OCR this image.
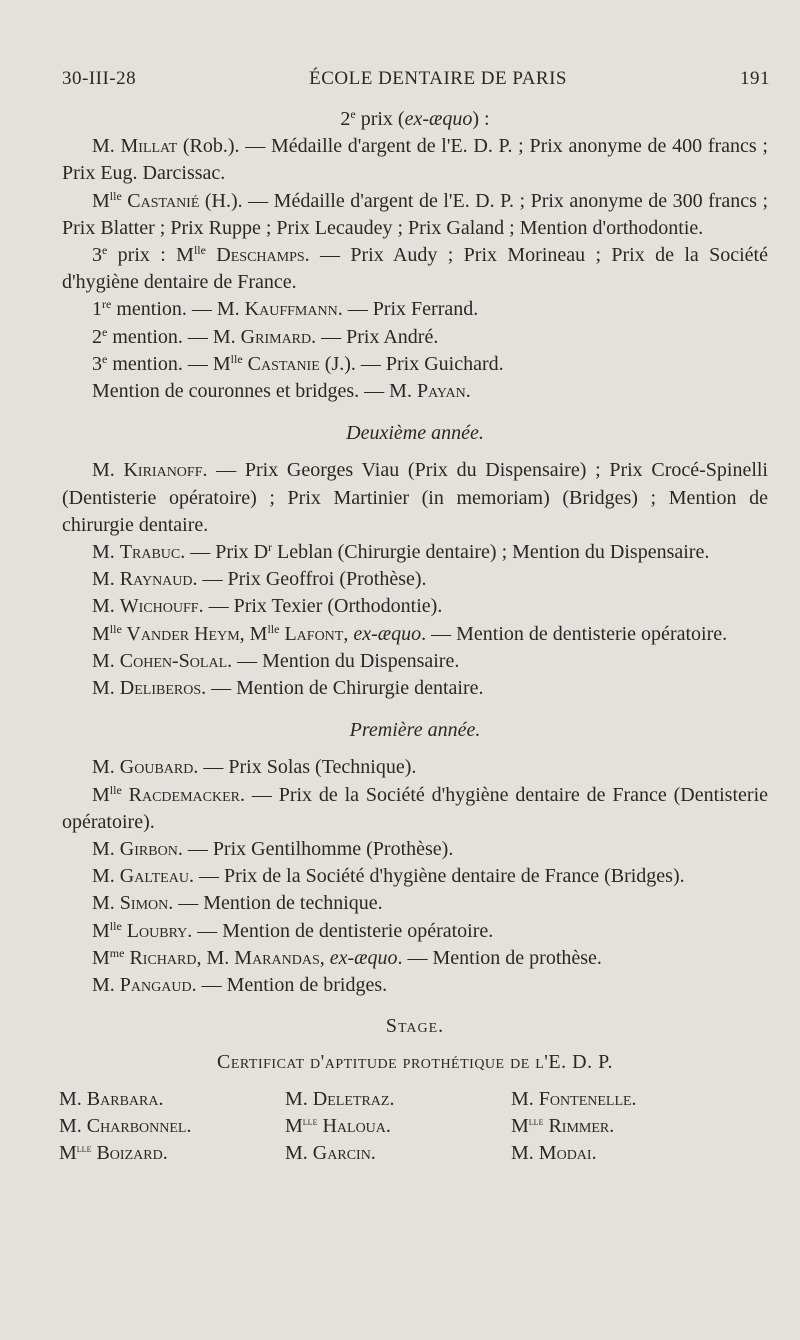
30-III-28	ÉCOLE DENTAIRE DE PARIS	191

2e prix (ex-æquo) :

M. Millat (Rob.). — Médaille d'argent de l'E. D. P. ; Prix anonyme de 400 francs ; Prix Eug. Darcissac.

$M^{lle}$ Castanié (H.). — Médaille d'argent de l'E. D. P. ; Prix anonyme de 300 francs ; Prix Blatter ; Prix Ruppe ; Prix Lecaudey ; Prix Galand ; Mention d'orthodontie.

3e prix : $M^{lle}$ Deschamps. — Prix Audy ; Prix Morineau ; Prix de la Société d'hygiène dentaire de France.

1re mention. — M. Kauffmann. — Prix Ferrand.

2e mention. — M. Grimard. — Prix André.

3e mention. — $M^{lle}$ Castanie (J.). — Prix Guichard.

Mention de couronnes et bridges. — M. Payan.

Deuxième année.

M. Kirianoff. — Prix Georges Viau (Prix du Dispensaire) ; Prix Crocé-Spinelli (Dentisterie opératoire) ; Prix Martinier (in memoriam) (Bridges) ; Mention de chirurgie dentaire.

M. Trabuc. — Prix $D^r$ Leblan (Chirurgie dentaire) ; Mention du Dispensaire.

M. Raynaud. — Prix Geoffroi (Prothèse).

M. Wichouff. — Prix Texier (Orthodontie).

$M^{lle}$ Vander Heym, $M^{lle}$ Lafont, ex-æquo. — Mention de dentisterie opératoire.

M. Cohen-Solal. — Mention du Dispensaire.

M. Deliberos. — Mention de Chirurgie dentaire.

Première année.

M. Goubard. — Prix Solas (Technique).

$M^{lle}$ Racdemacker. — Prix de la Société d'hygiène dentaire de France (Dentisterie opératoire).

M. Girbon. — Prix Gentilhomme (Prothèse).

M. Galteau. — Prix de la Société d'hygiène dentaire de France (Bridges).

M. Simon. — Mention de technique.

$M^{lle}$ Loubry. — Mention de dentisterie opératoire.

$M^{me}$ Richard, M. Marandas, ex-æquo. — Mention de prothèse.

M. Pangaud. — Mention de bridges.

Stage.

Certificat d'aptitude prothétique de l'E. D. P.

M. Barbara.	M. Deletraz.	M. Fontenelle.
M. Charbonnel.	$M^{lle}$ Haloua.	$M^{lle}$ Rimmer.
$M^{lle}$ Boizard.	M. Garcin.	M. Modai.
